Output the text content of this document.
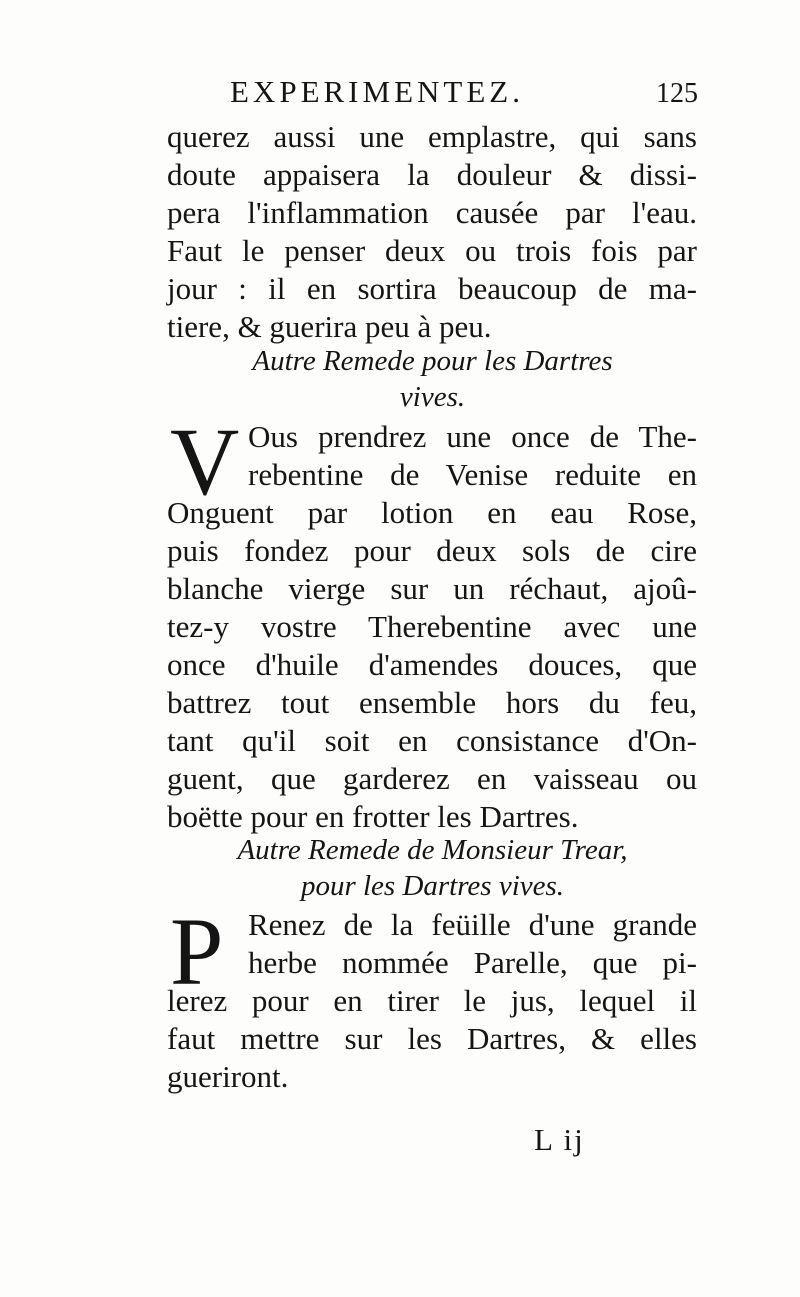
EXPERIMENTEZ.	125
querez aussi une emplastre, qui sans
doute appaisera la douleur & dissi-
pera l'inflammation causée par l'eau.
Faut le penser deux ou trois fois par
jour : il en sortira beaucoup de ma-
tiere, & guerira peu à peu.
Autre Remede pour les Dartres
vives.
V Ous prendrez une once de The-
rebentine de Venise reduite en
Onguent par lotion en eau Rose,
puis fondez pour deux sols de cire
blanche vierge sur un réchaut, ajoû-
tez-y vostre Therebentine avec une
once d'huile d'amendes douces, que
battrez tout ensemble hors du feu,
tant qu'il soit en consistance d'On-
guent, que garderez en vaisseau ou
boëtte pour en frotter les Dartres.
Autre Remede de Monsieur Trear,
pour les Dartres vives.
P Renez de la feüille d'une grande
herbe nommée Parelle, que pi-
lerez pour en tirer le jus, lequel il
faut mettre sur les Dartres, & elles
gueriront.
L ij
